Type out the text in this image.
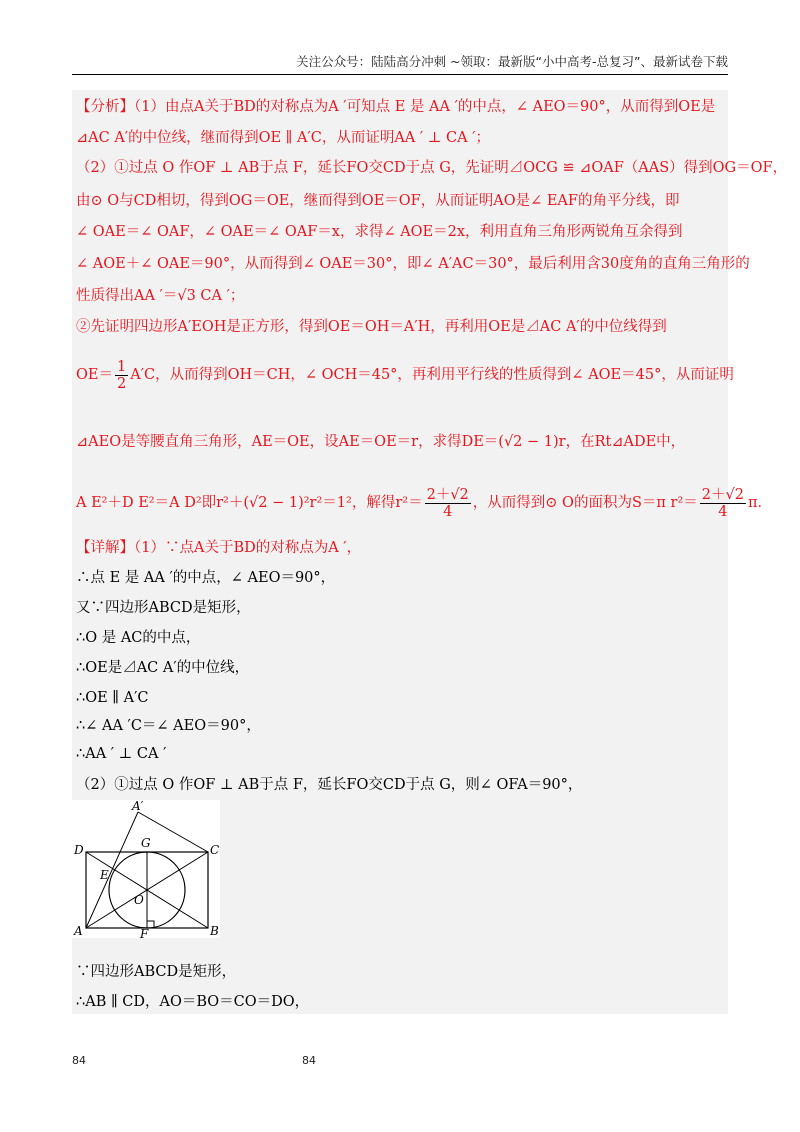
关注公众号：陆陆高分冲刺 ~领取：最新版“小中高考-总复习”、最新试卷下载
【分析】（1）由点A关于BD的对称点为A ′可知点 E 是 AA ′的中点，∠ AEO＝90°，从而得到OE是
⊿AC A′的中位线，继而得到OE ∥ A′C，从而证明AA ′ ⊥ CA ′；
（2）①过点 O 作OF ⊥ AB于点 F，延长FO交CD于点 G，先证明⊿OCG ≌ ⊿OAF（AAS）得到OG＝OF，
由⊙ O与CD相切，得到OG＝OE，继而得到OE＝OF，从而证明AO是∠ EAF的角平分线，即
∠ OAE＝∠ OAF，∠ OAE＝∠ OAF＝x，求得∠ AOE＝2x，利用直角三角形两锐角互余得到
∠ AOE＋∠ OAE＝90°，从而得到∠ OAE＝30°，即∠ A′AC＝30°，最后利用含30度角的直角三角形的
性质得出AA ′＝√3 CA ′；
②先证明四边形A′EOH是正方形，得到OE＝OH＝A′H，再利用OE是⊿AC A′的中位线得到
$OE= \frac{1}{2} A'C$，从而得到OH＝CH，∠ OCH＝45°，再利用平行线的性质得到∠ AOE＝45°，从而证明
⊿AEO是等腰直角三角形，AE＝OE，设AE＝OE＝r，求得DE＝(√2 − 1)r，在Rt⊿ADE中，
A E²＋D E²＝A D²即r²＋(√2 − 1)²r²＝1²，解得$r^2= \frac{2+√2}{4}$ ，从而得到⊙ O的面积为S＝π $r^2= \frac{2+√2}{4}$ π．
【详解】（1）∵点A关于BD的对称点为A ′，
∴点 E 是 AA ′的中点，∠ AEO＝90°，
又∵四边形ABCD是矩形，
∴O 是 AC的中点，
∴OE是⊿AC A′的中位线，
∴OE ∥ A′C
∴∠ AA ′C＝∠ AEO＝90°，
∴AA ′ ⊥ CA ′
（2）①过点 O 作OF ⊥ AB于点 F，延长FO交CD于点 G，则∠ OFA＝90°，
A′
D	G	C
E
O
A	F	B
∵四边形ABCD是矩形，
∴AB ∥ CD，AO＝BO＝CO＝DO，
84	84
